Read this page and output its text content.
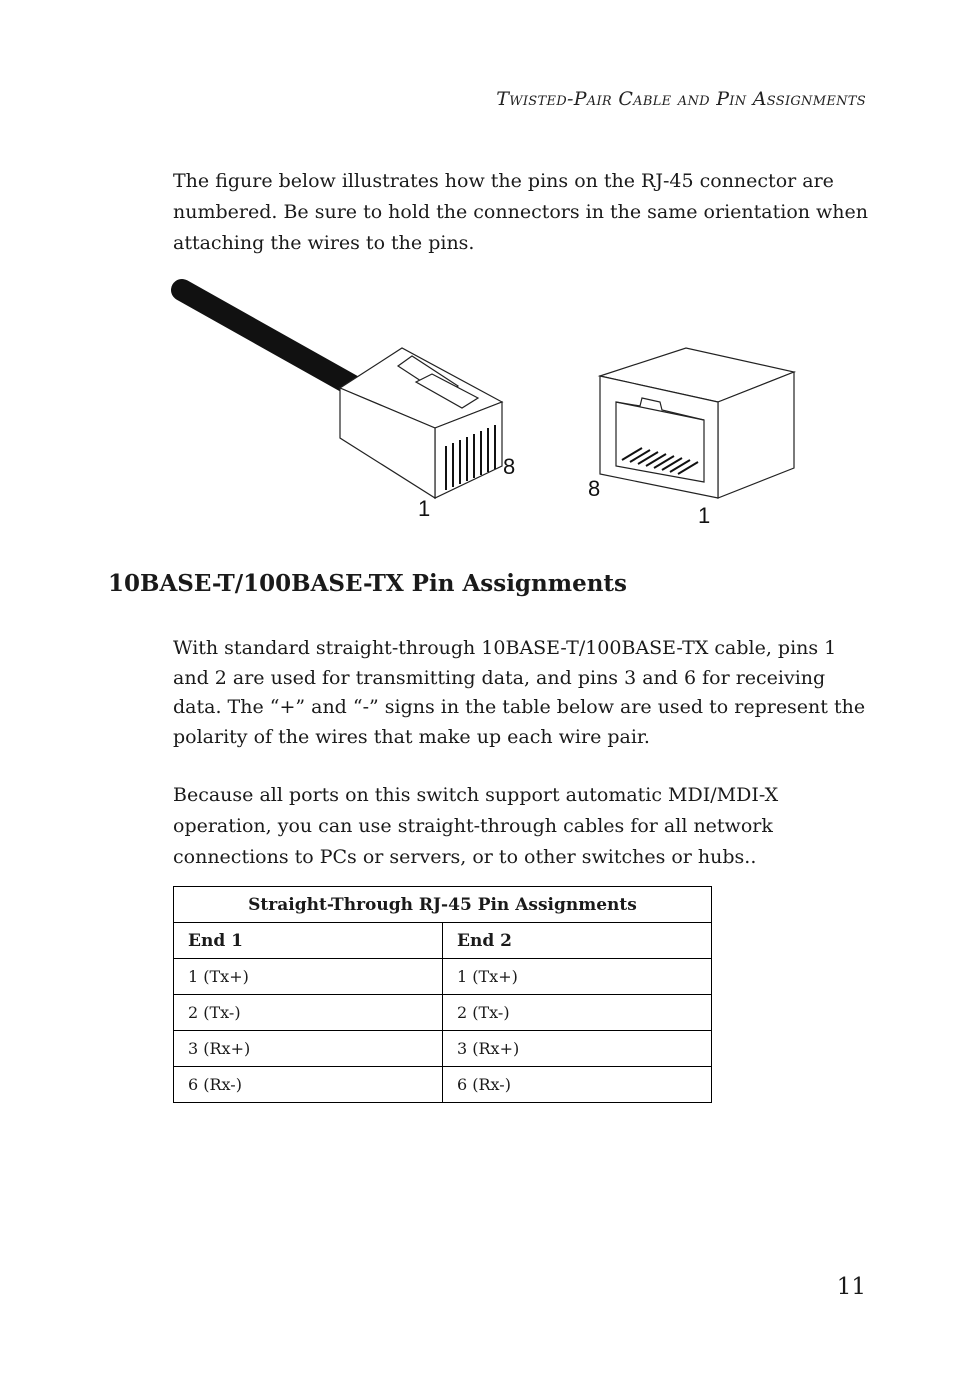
Twisted-Pair Cable and Pin Assignments

The figure below illustrates how the pins on the RJ-45 connector are numbered. Be sure to hold the connectors in the same orientation when attaching the wires to the pins.

8
1
8
1
10BASE-T/100BASE-TX Pin Assignments

With standard straight-through 10BASE-T/100BASE-TX cable, pins 1 and 2 are used for transmitting data, and pins 3 and 6 for receiving data. The “+” and “-” signs in the table below are used to represent the polarity of the wires that make up each wire pair.

Because all ports on this switch support automatic MDI/MDI-X operation, you can use straight-through cables for all network connections to PCs or servers, or to other switches or hubs..

Straight-Through RJ-45 Pin Assignments	
End 1	End 2
1 (Tx+)	1 (Tx+)
2 (Tx-)	2 (Tx-)
3 (Rx+)	3 (Rx+)
6 (Rx-)	6 (Rx-)
11
